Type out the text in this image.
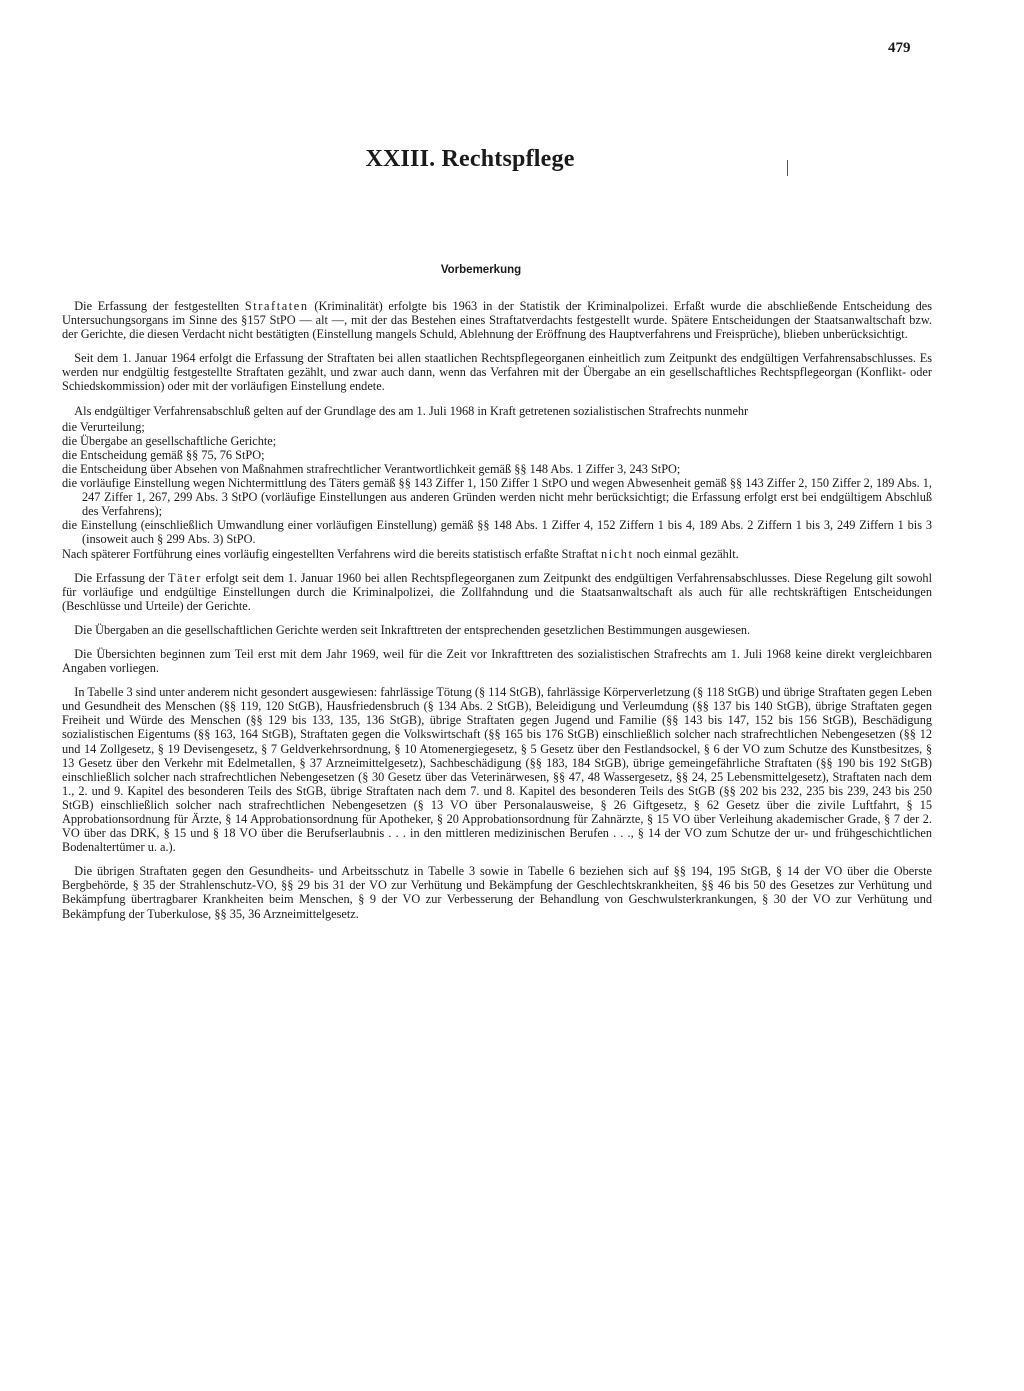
479
XXIII. Rechtspflege
Vorbemerkung

 Die Erfassung der festgestellten Straftaten (Kriminalität) erfolgte bis 1963 in der Statistik der Kriminalpolizei. Erfaßt wurde die abschließende Entscheidung des Untersuchungsorgans im Sinne des §157 StPO — alt —, mit der das Bestehen eines Straftatverdachts festgestellt wurde. Spätere Entscheidungen der Staatsanwaltschaft bzw. der Gerichte, die diesen Verdacht nicht bestätigten (Einstellung mangels Schuld, Ablehnung der Eröffnung des Hauptverfahrens und Freisprüche), blieben unberücksichtigt.

 Seit dem 1. Januar 1964 erfolgt die Erfassung der Straftaten bei allen staatlichen Rechtspflegeorganen einheitlich zum Zeitpunkt des endgültigen Verfahrensabschlusses. Es werden nur endgültig festgestellte Straftaten gezählt, und zwar auch dann, wenn das Verfahren mit der Übergabe an ein gesellschaftliches Rechtspflegeorgan (Konflikt- oder Schiedskommission) oder mit der vorläufigen Einstellung endete.

 Als endgültiger Verfahrensabschluß gelten auf der Grundlage des am 1. Juli 1968 in Kraft getretenen sozialistischen Strafrechts nunmehr

die Verurteilung;
die Übergabe an gesellschaftliche Gerichte;
die Entscheidung gemäß §§ 75, 76 StPO;
die Entscheidung über Absehen von Maßnahmen strafrechtlicher Verantwortlichkeit gemäß §§ 148 Abs. 1 Ziffer 3, 243 StPO;
die vorläufige Einstellung wegen Nichtermittlung des Täters gemäß §§ 143 Ziffer 1, 150 Ziffer 1 StPO und wegen Abwesenheit gemäß §§ 143 Ziffer 2, 150 Ziffer 2, 189 Abs. 1, 247 Ziffer 1, 267, 299 Abs. 3 StPO (vorläufige Einstellungen aus anderen Gründen werden nicht mehr berücksichtigt; die Erfassung erfolgt erst bei endgültigem Abschluß des Verfahrens);
die Einstellung (einschließlich Umwandlung einer vorläufigen Einstellung) gemäß §§ 148 Abs. 1 Ziffer 4, 152 Ziffern 1 bis 4, 189 Abs. 2 Ziffern 1 bis 3, 249 Ziffern 1 bis 3 (insoweit auch § 299 Abs. 3) StPO.

Nach späterer Fortführung eines vorläufig eingestellten Verfahrens wird die bereits statistisch erfaßte Straftat nicht noch einmal gezählt.

 Die Erfassung der Täter erfolgt seit dem 1. Januar 1960 bei allen Rechtspflegeorganen zum Zeitpunkt des endgültigen Verfahrensabschlusses. Diese Regelung gilt sowohl für vorläufige und endgültige Einstellungen durch die Kriminalpolizei, die Zollfahndung und die Staatsanwaltschaft als auch für alle rechtskräftigen Entscheidungen (Beschlüsse und Urteile) der Gerichte.

 Die Übergaben an die gesellschaftlichen Gerichte werden seit Inkrafttreten der entsprechenden gesetzlichen Bestimmungen ausgewiesen.

 Die Übersichten beginnen zum Teil erst mit dem Jahr 1969, weil für die Zeit vor Inkrafttreten des sozialistischen Strafrechts am 1. Juli 1968 keine direkt vergleichbaren Angaben vorliegen.

 In Tabelle 3 sind unter anderem nicht gesondert ausgewiesen: fahrlässige Tötung (§ 114 StGB), fahrlässige Körperverletzung (§ 118 StGB) und übrige Straftaten gegen Leben und Gesundheit des Menschen (§§ 119, 120 StGB), Hausfriedensbruch (§ 134 Abs. 2 StGB), Beleidigung und Verleumdung (§§ 137 bis 140 StGB), übrige Straftaten gegen Freiheit und Würde des Menschen (§§ 129 bis 133, 135, 136 StGB), übrige Straftaten gegen Jugend und Familie (§§ 143 bis 147, 152 bis 156 StGB), Beschädigung sozialistischen Eigentums (§§ 163, 164 StGB), Straftaten gegen die Volkswirtschaft (§§ 165 bis 176 StGB) einschließlich solcher nach strafrechtlichen Nebengesetzen (§§ 12 und 14 Zollgesetz, § 19 Devisengesetz, § 7 Geldverkehrsordnung, § 10 Atomenergiegesetz, § 5 Gesetz über den Festlandsockel, § 6 der VO zum Schutze des Kunstbesitzes, § 13 Gesetz über den Verkehr mit Edelmetallen, § 37 Arzneimittelgesetz), Sachbeschädigung (§§ 183, 184 StGB), übrige gemeingefährliche Straftaten (§§ 190 bis 192 StGB) einschließlich solcher nach strafrechtlichen Nebengesetzen (§ 30 Gesetz über das Veterinärwesen, §§ 47, 48 Wassergesetz, §§ 24, 25 Lebensmittelgesetz), Straftaten nach dem 1., 2. und 9. Kapitel des besonderen Teils des StGB, übrige Straftaten nach dem 7. und 8. Kapitel des besonderen Teils des StGB (§§ 202 bis 232, 235 bis 239, 243 bis 250 StGB) einschließlich solcher nach strafrechtlichen Nebengesetzen (§ 13 VO über Personalausweise, § 26 Giftgesetz, § 62 Gesetz über die zivile Luftfahrt, § 15 Approbationsordnung für Ärzte, § 14 Approbationsordnung für Apotheker, § 20 Approbationsordnung für Zahnärzte, § 15 VO über Verleihung akademischer Grade, § 7 der 2. VO über das DRK, § 15 und § 18 VO über die Berufserlaubnis . . . in den mittleren medizinischen Berufen . . ., § 14 der VO zum Schutze der ur- und frühgeschichtlichen Bodenaltertümer u. a.).

 Die übrigen Straftaten gegen den Gesundheits- und Arbeitsschutz in Tabelle 3 sowie in Tabelle 6 beziehen sich auf §§ 194, 195 StGB, § 14 der VO über die Oberste Bergbehörde, § 35 der Strahlenschutz-VO, §§ 29 bis 31 der VO zur Verhütung und Bekämpfung der Geschlechtskrankheiten, §§ 46 bis 50 des Gesetzes zur Verhütung und Bekämpfung übertragbarer Krankheiten beim Menschen, § 9 der VO zur Verbesserung der Behandlung von Geschwulsterkrankungen, § 30 der VO zur Verhütung und Bekämpfung der Tuberkulose, §§ 35, 36 Arzneimittelgesetz.
